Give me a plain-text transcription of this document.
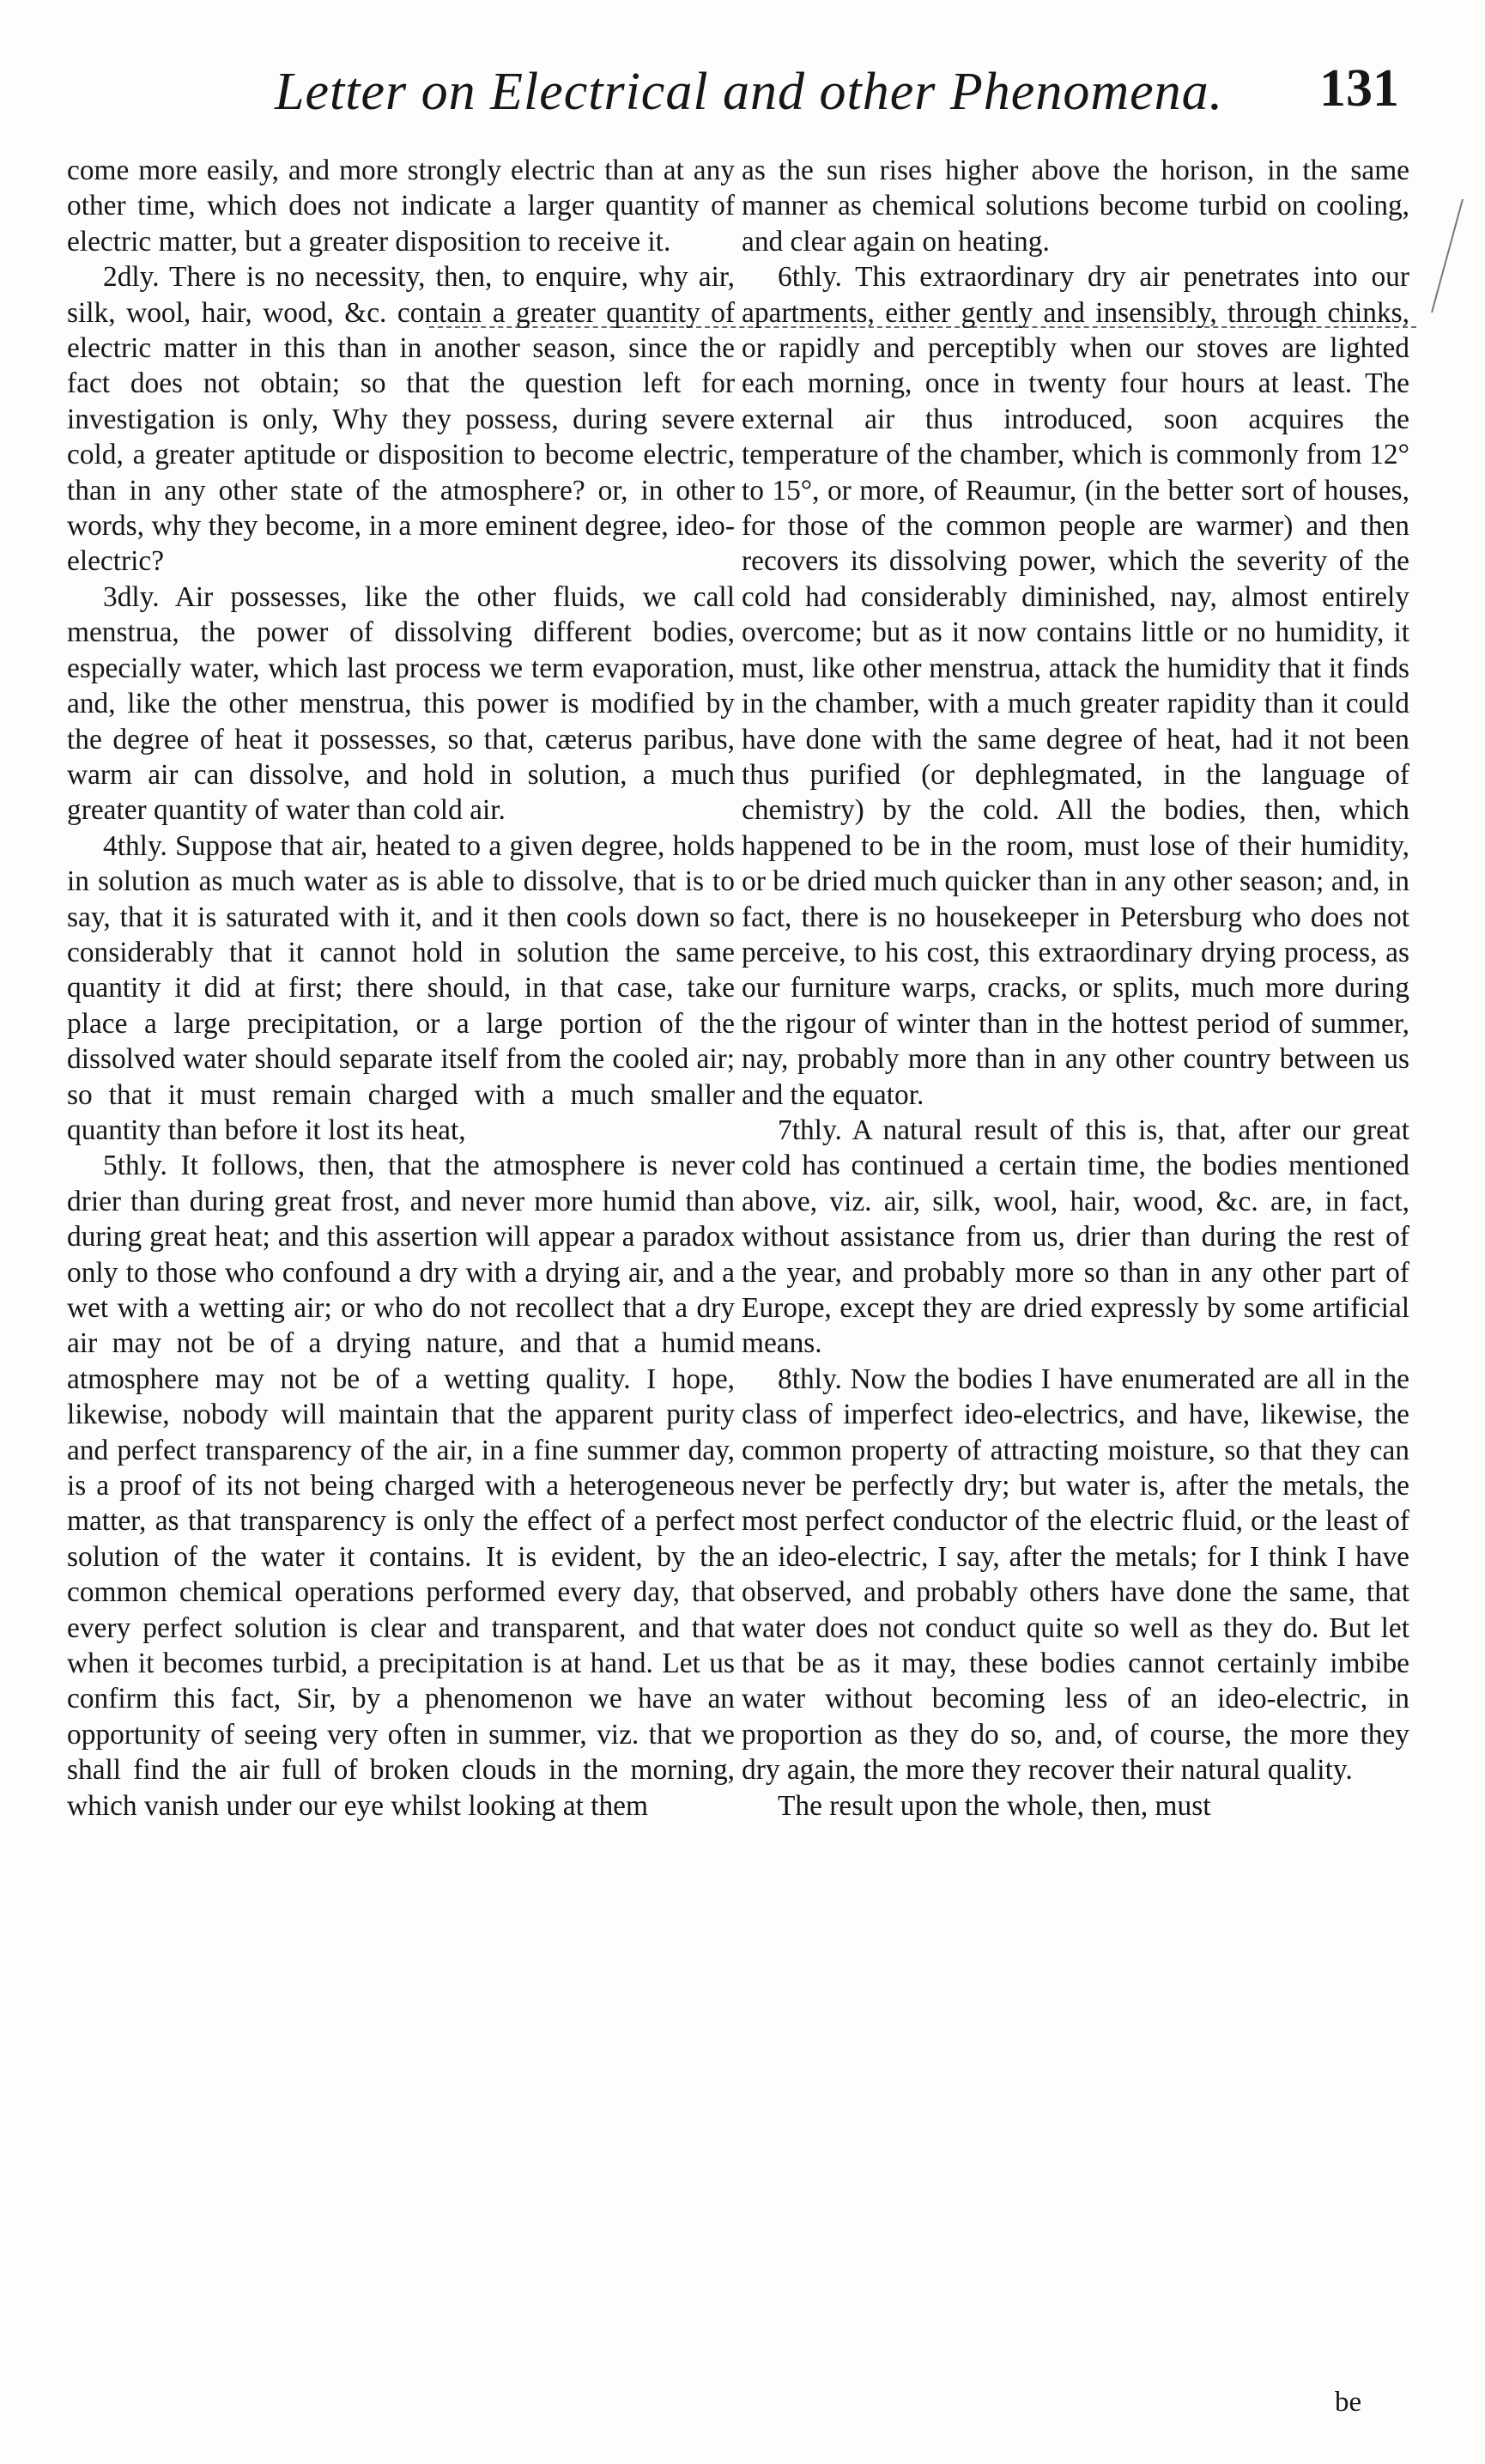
Letter on Electrical and other Phenomena. 131

come more easily, and more strongly electric than at any other time, which does not indicate a larger quantity of electric matter, but a greater disposition to receive it.

2dly. There is no necessity, then, to enquire, why air, silk, wool, hair, wood, &c. contain a greater quantity of electric matter in this than in another season, since the fact does not obtain; so that the question left for investigation is only, Why they possess, during severe cold, a greater aptitude or disposition to become electric, than in any other state of the atmosphere? or, in other words, why they become, in a more eminent degree, ideo-electric?

3dly. Air possesses, like the other fluids, we call menstrua, the power of dissolving different bodies, especially water, which last process we term evaporation, and, like the other menstrua, this power is modified by the degree of heat it possesses, so that, cæterus paribus, warm air can dissolve, and hold in solution, a much greater quantity of water than cold air.

4thly. Suppose that air, heated to a given degree, holds in solution as much water as is able to dissolve, that is to say, that it is saturated with it, and it then cools down so considerably that it cannot hold in solution the same quantity it did at first; there should, in that case, take place a large precipitation, or a large portion of the dissolved water should separate itself from the cooled air; so that it must remain charged with a much smaller quantity than before it lost its heat,

5thly. It follows, then, that the atmosphere is never drier than during great frost, and never more humid than during great heat; and this assertion will appear a paradox only to those who confound a dry with a drying air, and a wet with a wetting air; or who do not recollect that a dry air may not be of a drying nature, and that a humid atmosphere may not be of a wetting quality. I hope, likewise, nobody will maintain that the apparent purity and perfect transparency of the air, in a fine summer day, is a proof of its not being charged with a heterogeneous matter, as that transparency is only the effect of a perfect solution of the water it contains. It is evident, by the common chemical operations performed every day, that every perfect solution is clear and transparent, and that when it becomes turbid, a precipitation is at hand. Let us confirm this fact, Sir, by a phenomenon we have an opportunity of seeing very often in summer, viz. that we shall find the air full of broken clouds in the morning, which vanish under our eye whilst looking at them

as the sun rises higher above the horison, in the same manner as chemical solutions become turbid on cooling, and clear again on heating.

6thly. This extraordinary dry air penetrates into our apartments, either gently and insensibly, through chinks, or rapidly and perceptibly when our stoves are lighted each morning, once in twenty four hours at least. The external air thus introduced, soon acquires the temperature of the chamber, which is commonly from 12° to 15°, or more, of Reaumur, (in the better sort of houses, for those of the common people are warmer) and then recovers its dissolving power, which the severity of the cold had considerably diminished, nay, almost entirely overcome; but as it now contains little or no humidity, it must, like other menstrua, attack the humidity that it finds in the chamber, with a much greater rapidity than it could have done with the same degree of heat, had it not been thus purified (or dephlegmated, in the language of chemistry) by the cold. All the bodies, then, which happened to be in the room, must lose of their humidity, or be dried much quicker than in any other season; and, in fact, there is no housekeeper in Petersburg who does not perceive, to his cost, this extraordinary drying process, as our furniture warps, cracks, or splits, much more during the rigour of winter than in the hottest period of summer, nay, probably more than in any other country between us and the equator.

7thly. A natural result of this is, that, after our great cold has continued a certain time, the bodies mentioned above, viz. air, silk, wool, hair, wood, &c. are, in fact, without assistance from us, drier than during the rest of the year, and probably more so than in any other part of Europe, except they are dried expressly by some artificial means.

8thly. Now the bodies I have enumerated are all in the class of imperfect ideo-electrics, and have, likewise, the common property of attracting moisture, so that they can never be perfectly dry; but water is, after the metals, the most perfect conductor of the electric fluid, or the least of an ideo-electric, I say, after the metals; for I think I have observed, and probably others have done the same, that water does not conduct quite so well as they do. But let that be as it may, these bodies cannot certainly imbibe water without becoming less of an ideo-electric, in proportion as they do so, and, of course, the more they dry again, the more they recover their natural quality.

The result upon the whole, then, must

be
